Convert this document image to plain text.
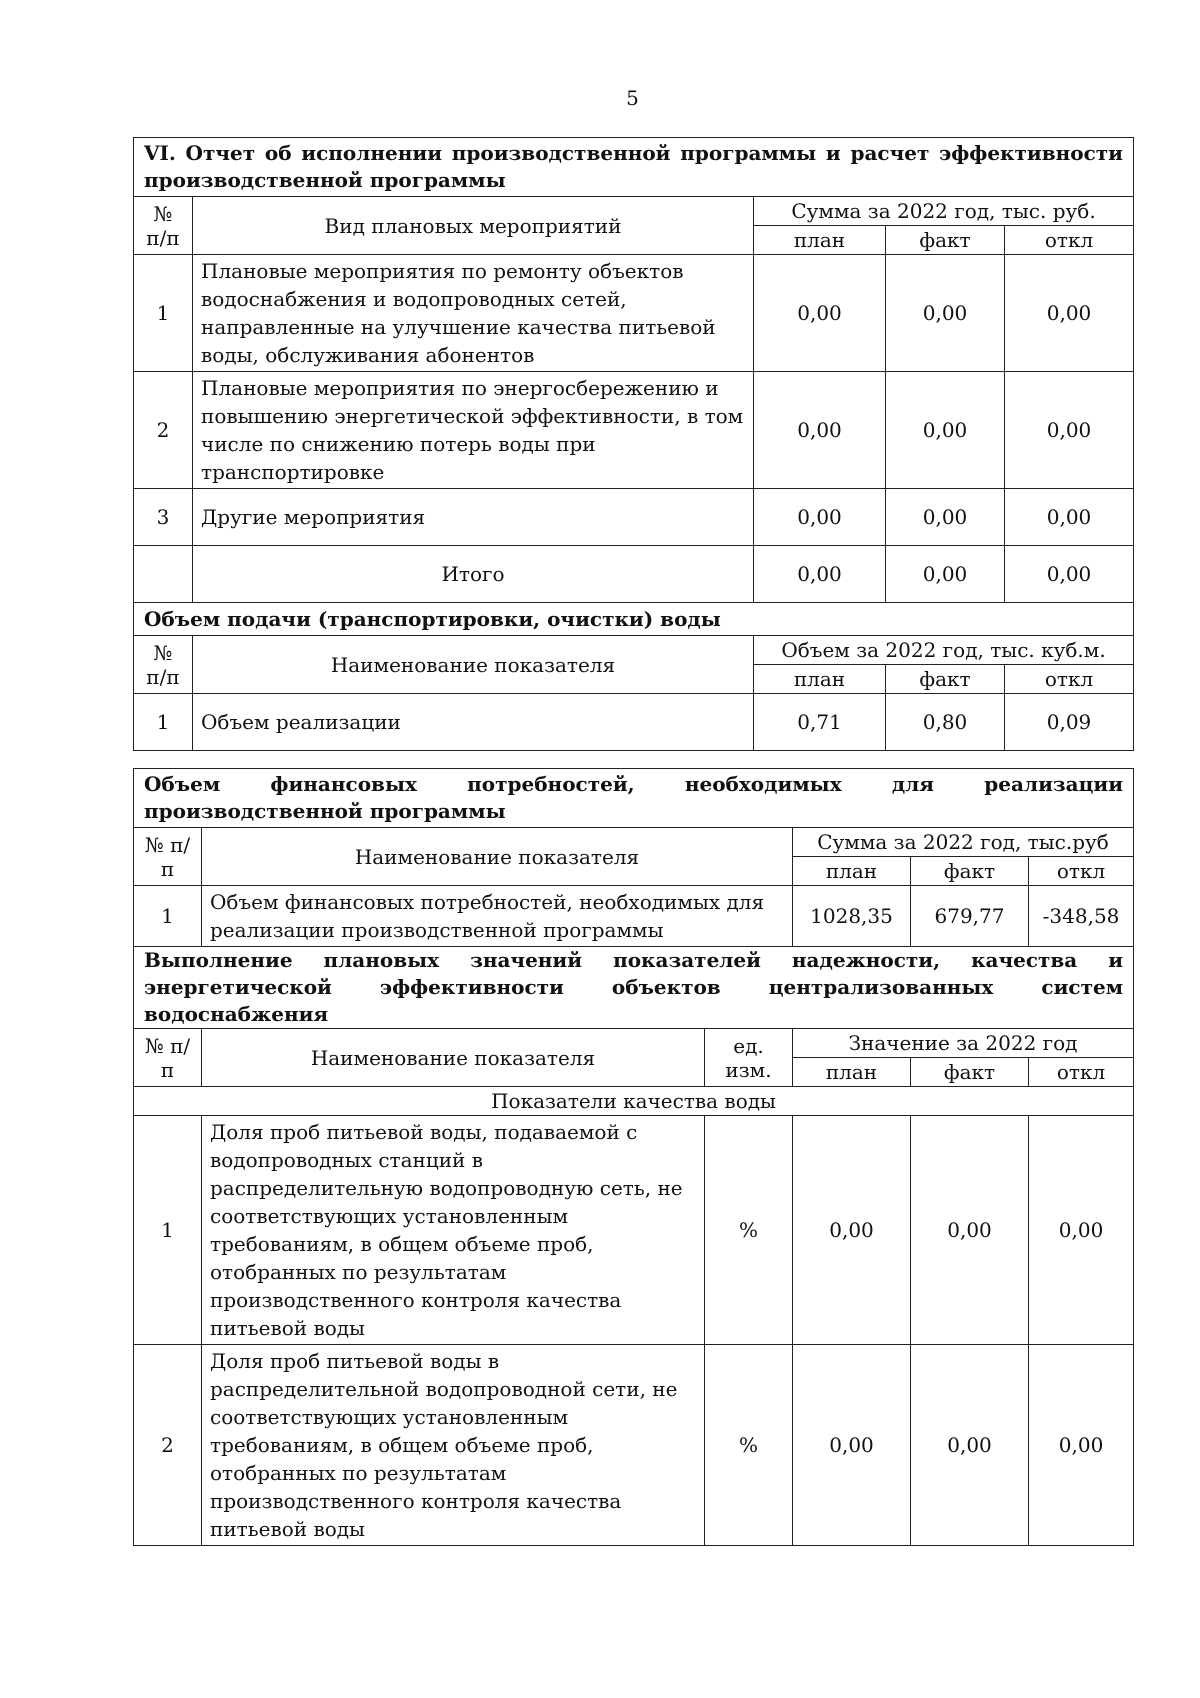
5
VI. Отчет об исполнении производственной программы и расчет эффективности производственной программы				
№ п/п	Вид плановых мероприятий	Сумма за 2022 год, тыс. руб.		
		план	факт	откл
1	Плановые мероприятия по ремонту объектов водоснабжения и водопроводных сетей, направленные на улучшение качества питьевой воды, обслуживания абонентов	0,00	0,00	0,00
2	Плановые мероприятия по энергосбережению и повышению энергетической эффективности, в том числе по снижению потерь воды при транспортировке	0,00	0,00	0,00
3	Другие мероприятия	0,00	0,00	0,00
	Итого	0,00	0,00	0,00
Объем подачи (транспортировки, очистки) воды				
№ п/п	Наименование показателя	Объем за 2022 год, тыс. куб.м.		
		план	факт	откл
1	Объем реализации	0,71	0,80	0,09
Объем финансовых потребностей, необходимых для реализации производственной программы					
№ п/п	Наименование показателя		Сумма за 2022 год, тыс.руб		
			план	факт	откл
1	Объем финансовых потребностей, необходимых для реализации производственной программы		1028,35	679,77	-348,58
Выполнение плановых значений показателей надежности, качества и энергетической эффективности объектов централизованных систем водоснабжения					
№ п/п	Наименование показателя	ед. изм.	Значение за 2022 год		
			план	факт	откл
Показатели качества воды					
1	Доля проб питьевой воды, подаваемой с водопроводных станций в распределительную водопроводную сеть, не соответствующих установленным требованиям, в общем объеме проб, отобранных по результатам производственного контроля качества питьевой воды	%	0,00	0,00	0,00
2	Доля проб питьевой воды в распределительной водопроводной сети, не соответствующих установленным требованиям, в общем объеме проб, отобранных по результатам производственного контроля качества питьевой воды	%	0,00	0,00	0,00
